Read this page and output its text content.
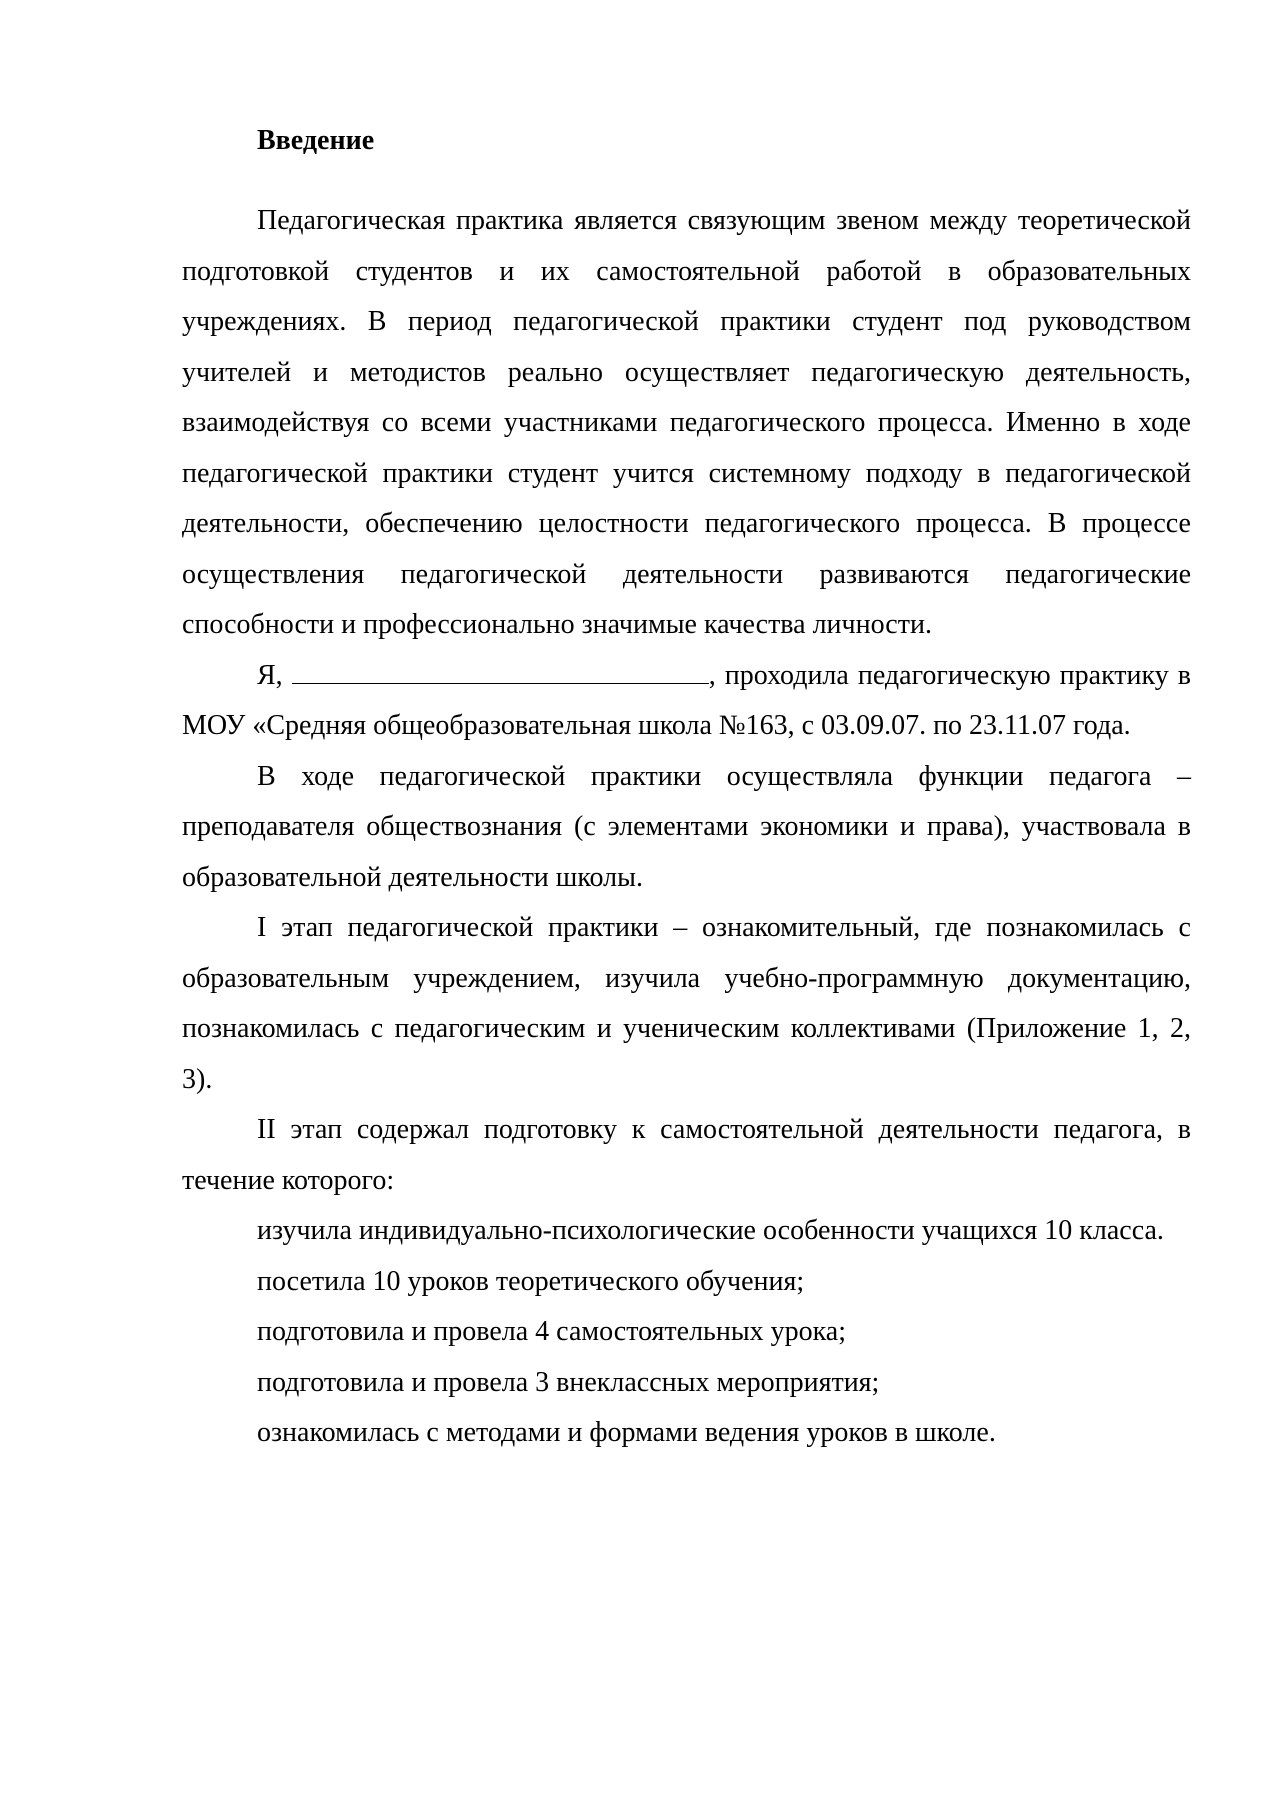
Введение

Педагогическая практика является связующим звеном между теоретической подготовкой студентов и их самостоятельной работой в образовательных учреждениях. В период педагогической практики студент под руководством учителей и методистов реально осуществляет педагогическую деятельность, взаимодействуя со всеми участниками педагогического процесса. Именно в ходе педагогической практики студент учится системному подходу в педагогической деятельности, обеспечению целостности педагогического процесса. В процессе осуществления педагогической деятельности развиваются педагогические способности и профессионально значимые качества личности.

Я,	, проходила педагогическую практику в МОУ «Средняя общеобразовательная школа №163, с 03.09.07. по 23.11.07 года.

В ходе педагогической практики осуществляла функции педагога – преподавателя обществознания (с элементами экономики и права), участвовала в образовательной деятельности школы.

I этап педагогической практики – ознакомительный, где познакомилась с образовательным учреждением, изучила учебно-программную документацию, познакомилась с педагогическим и ученическим коллективами (Приложение 1, 2, 3).

II этап содержал подготовку к самостоятельной деятельности педагога, в течение которого:

изучила индивидуально-психологические особенности учащихся 10 класса.

посетила 10 уроков теоретического обучения;

подготовила и провела 4 самостоятельных урока;

подготовила и провела 3 внеклассных мероприятия;

ознакомилась с методами и формами ведения уроков в школе.
